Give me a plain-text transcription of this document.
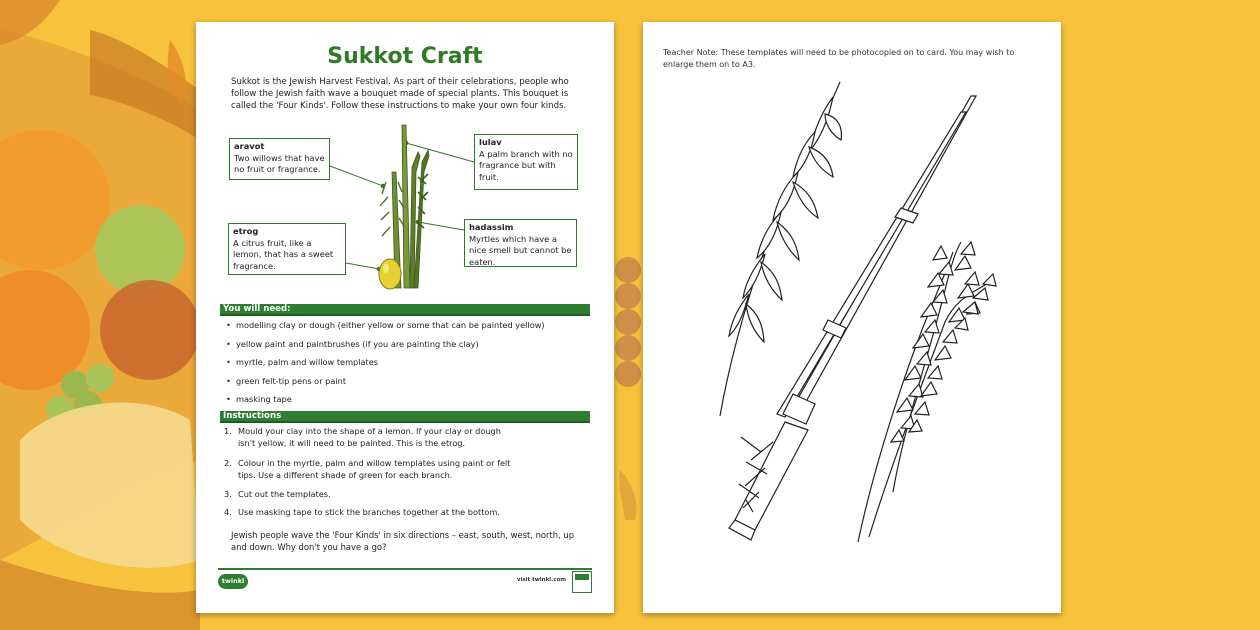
Sukkot Craft

Sukkot is the Jewish Harvest Festival. As part of their celebrations, people who follow the Jewish faith wave a bouquet made of special plants. This bouquet is called the 'Four Kinds'. Follow these instructions to make your own four kinds.

aravot
Two willows that have no fruit or fragrance.
lulav
A palm branch with no fragrance but with fruit.
etrog
A citrus fruit, like a lemon, that has a sweet fragrance.
hadassim
Myrtles which have a nice smell but cannot be eaten.
You will need:
• modelling clay or dough (either yellow or some that can be painted yellow)
• yellow paint and paintbrushes (if you are painting the clay)
• myrtle, palm and willow templates
• green felt-tip pens or paint
• masking tape
Instructions
1. Mould your clay into the shape of a lemon. If your clay or dough isn't yellow, it will need to be painted. This is the etrog.
2. Colour in the myrtle, palm and willow templates using paint or felt tips. Use a different shade of green for each branch.
3. Cut out the templates.
4. Use masking tape to stick the branches together at the bottom.

Jewish people wave the 'Four Kinds' in six directions – east, south, west, north, up and down. Why don't you have a go?

twinkl	visit twinkl.com

Teacher Note: These templates will need to be photocopied on to card. You may wish to enlarge them on to A3.
